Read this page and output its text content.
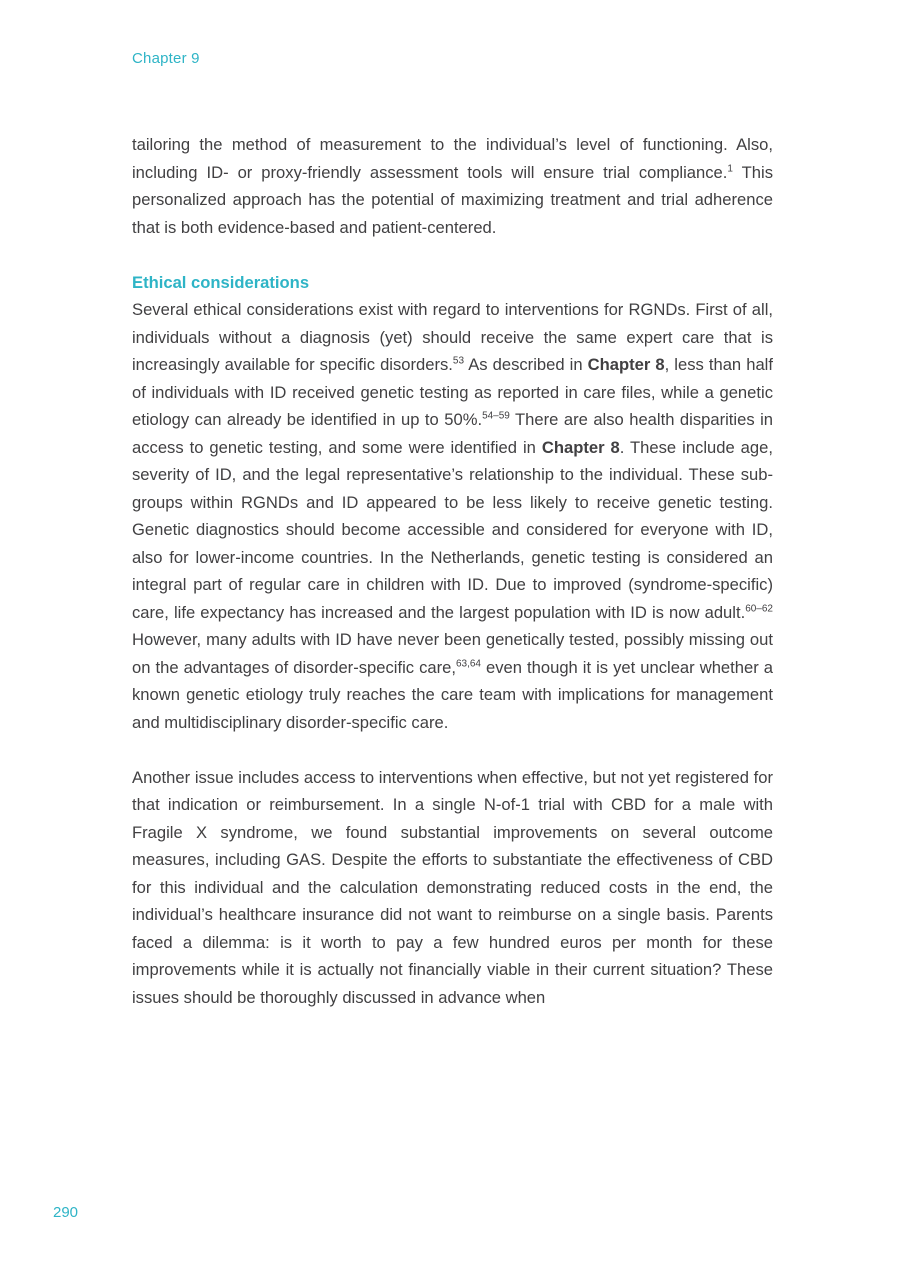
Chapter 9

tailoring the method of measurement to the individual’s level of functioning. Also, including ID- or proxy-friendly assessment tools will ensure trial compliance.$^1$ This personalized approach has the potential of maximizing treatment and trial adherence that is both evidence-based and patient-centered.

Ethical considerations

Several ethical considerations exist with regard to interventions for RGNDs. First of all, individuals without a diagnosis (yet) should receive the same expert care that is increasingly available for specific disorders.$^{53}$ As described in Chapter 8, less than half of individuals with ID received genetic testing as reported in care files, while a genetic etiology can already be identified in up to 50%.$^{54-59}$ There are also health disparities in access to genetic testing, and some were identified in Chapter 8. These include age, severity of ID, and the legal representative’s relationship to the individual. These sub-groups within RGNDs and ID appeared to be less likely to receive genetic testing. Genetic diagnostics should become accessible and considered for everyone with ID, also for lower-income countries. In the Netherlands, genetic testing is considered an integral part of regular care in children with ID. Due to improved (syndrome-specific) care, life expectancy has increased and the largest population with ID is now adult.$^{60-62}$ However, many adults with ID have never been genetically tested, possibly missing out on the advantages of disorder-specific care,$^{63,64}$ even though it is yet unclear whether a known genetic etiology truly reaches the care team with implications for management and multidisciplinary disorder-specific care.

Another issue includes access to interventions when effective, but not yet registered for that indication or reimbursement. In a single N-of-1 trial with CBD for a male with Fragile X syndrome, we found substantial improvements on several outcome measures, including GAS. Despite the efforts to substantiate the effectiveness of CBD for this individual and the calculation demonstrating reduced costs in the end, the individual’s healthcare insurance did not want to reimburse on a single basis. Parents faced a dilemma: is it worth to pay a few hundred euros per month for these improvements while it is actually not financially viable in their current situation? These issues should be thoroughly discussed in advance when

290
